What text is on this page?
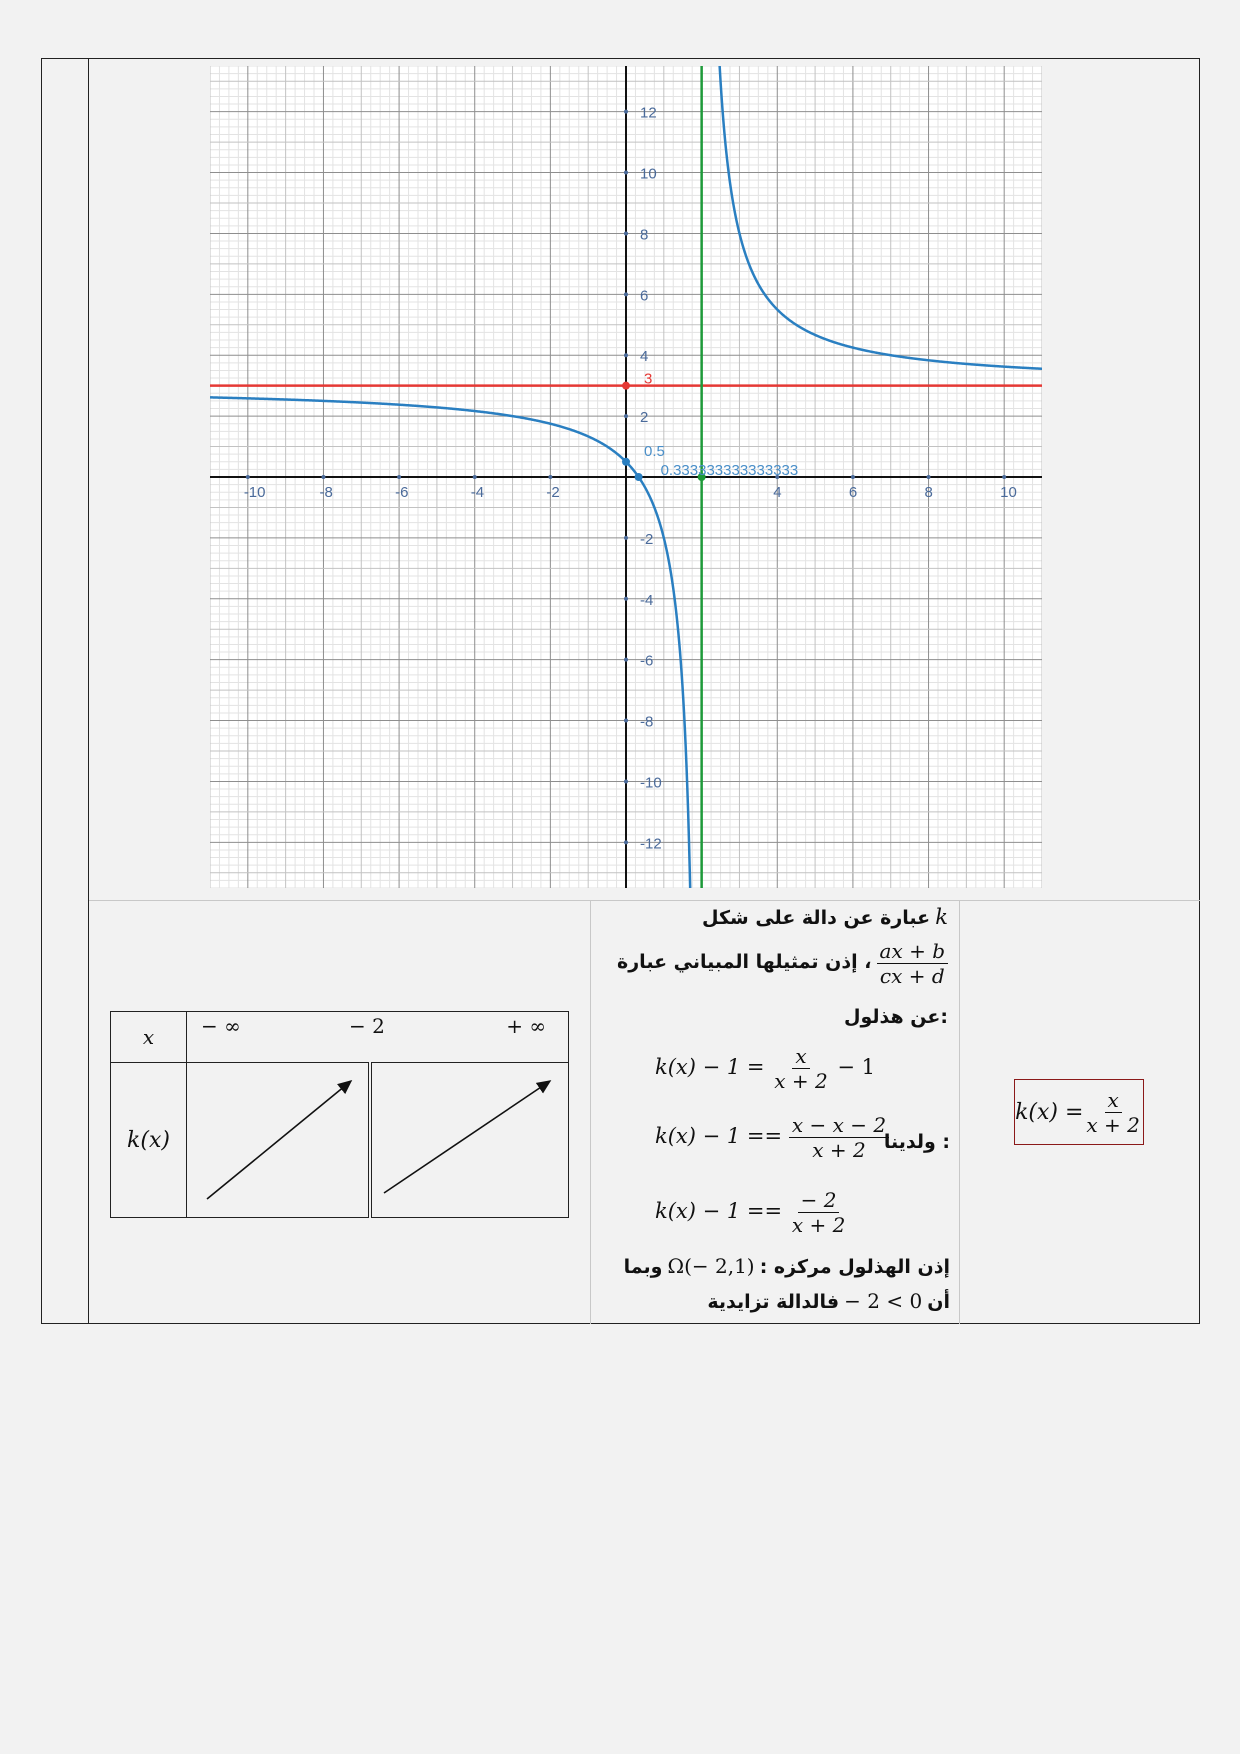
-10	-8	-6	-4	-2	4	6	8	10
12
10
8
6
4
2
-2
-4
-6
-8
-10
-12
0.5
3
0.333333333333333
عبارة عن دالة على شكل k
$\frac{ax + b}{cx + d}$
، إذن تمثيلها المبياني عبارة
عن هذلول:
$k(x) - 1 = \frac{x}{x + 2} - 1$
$k(x) - 1 == \frac{x - x - 2}{x + 2}$
ولدينا :
$k(x) - 1 == \frac{- 2}{x + 2}$
إذن الهذلول مركزه : Ω(− 2,1) وبما
أن − 2 < 0 فالدالة تزايدية
$k(x) = \frac{x}{x + 2}$
x	− ∞ − 2 + ∞	

k(x)		
